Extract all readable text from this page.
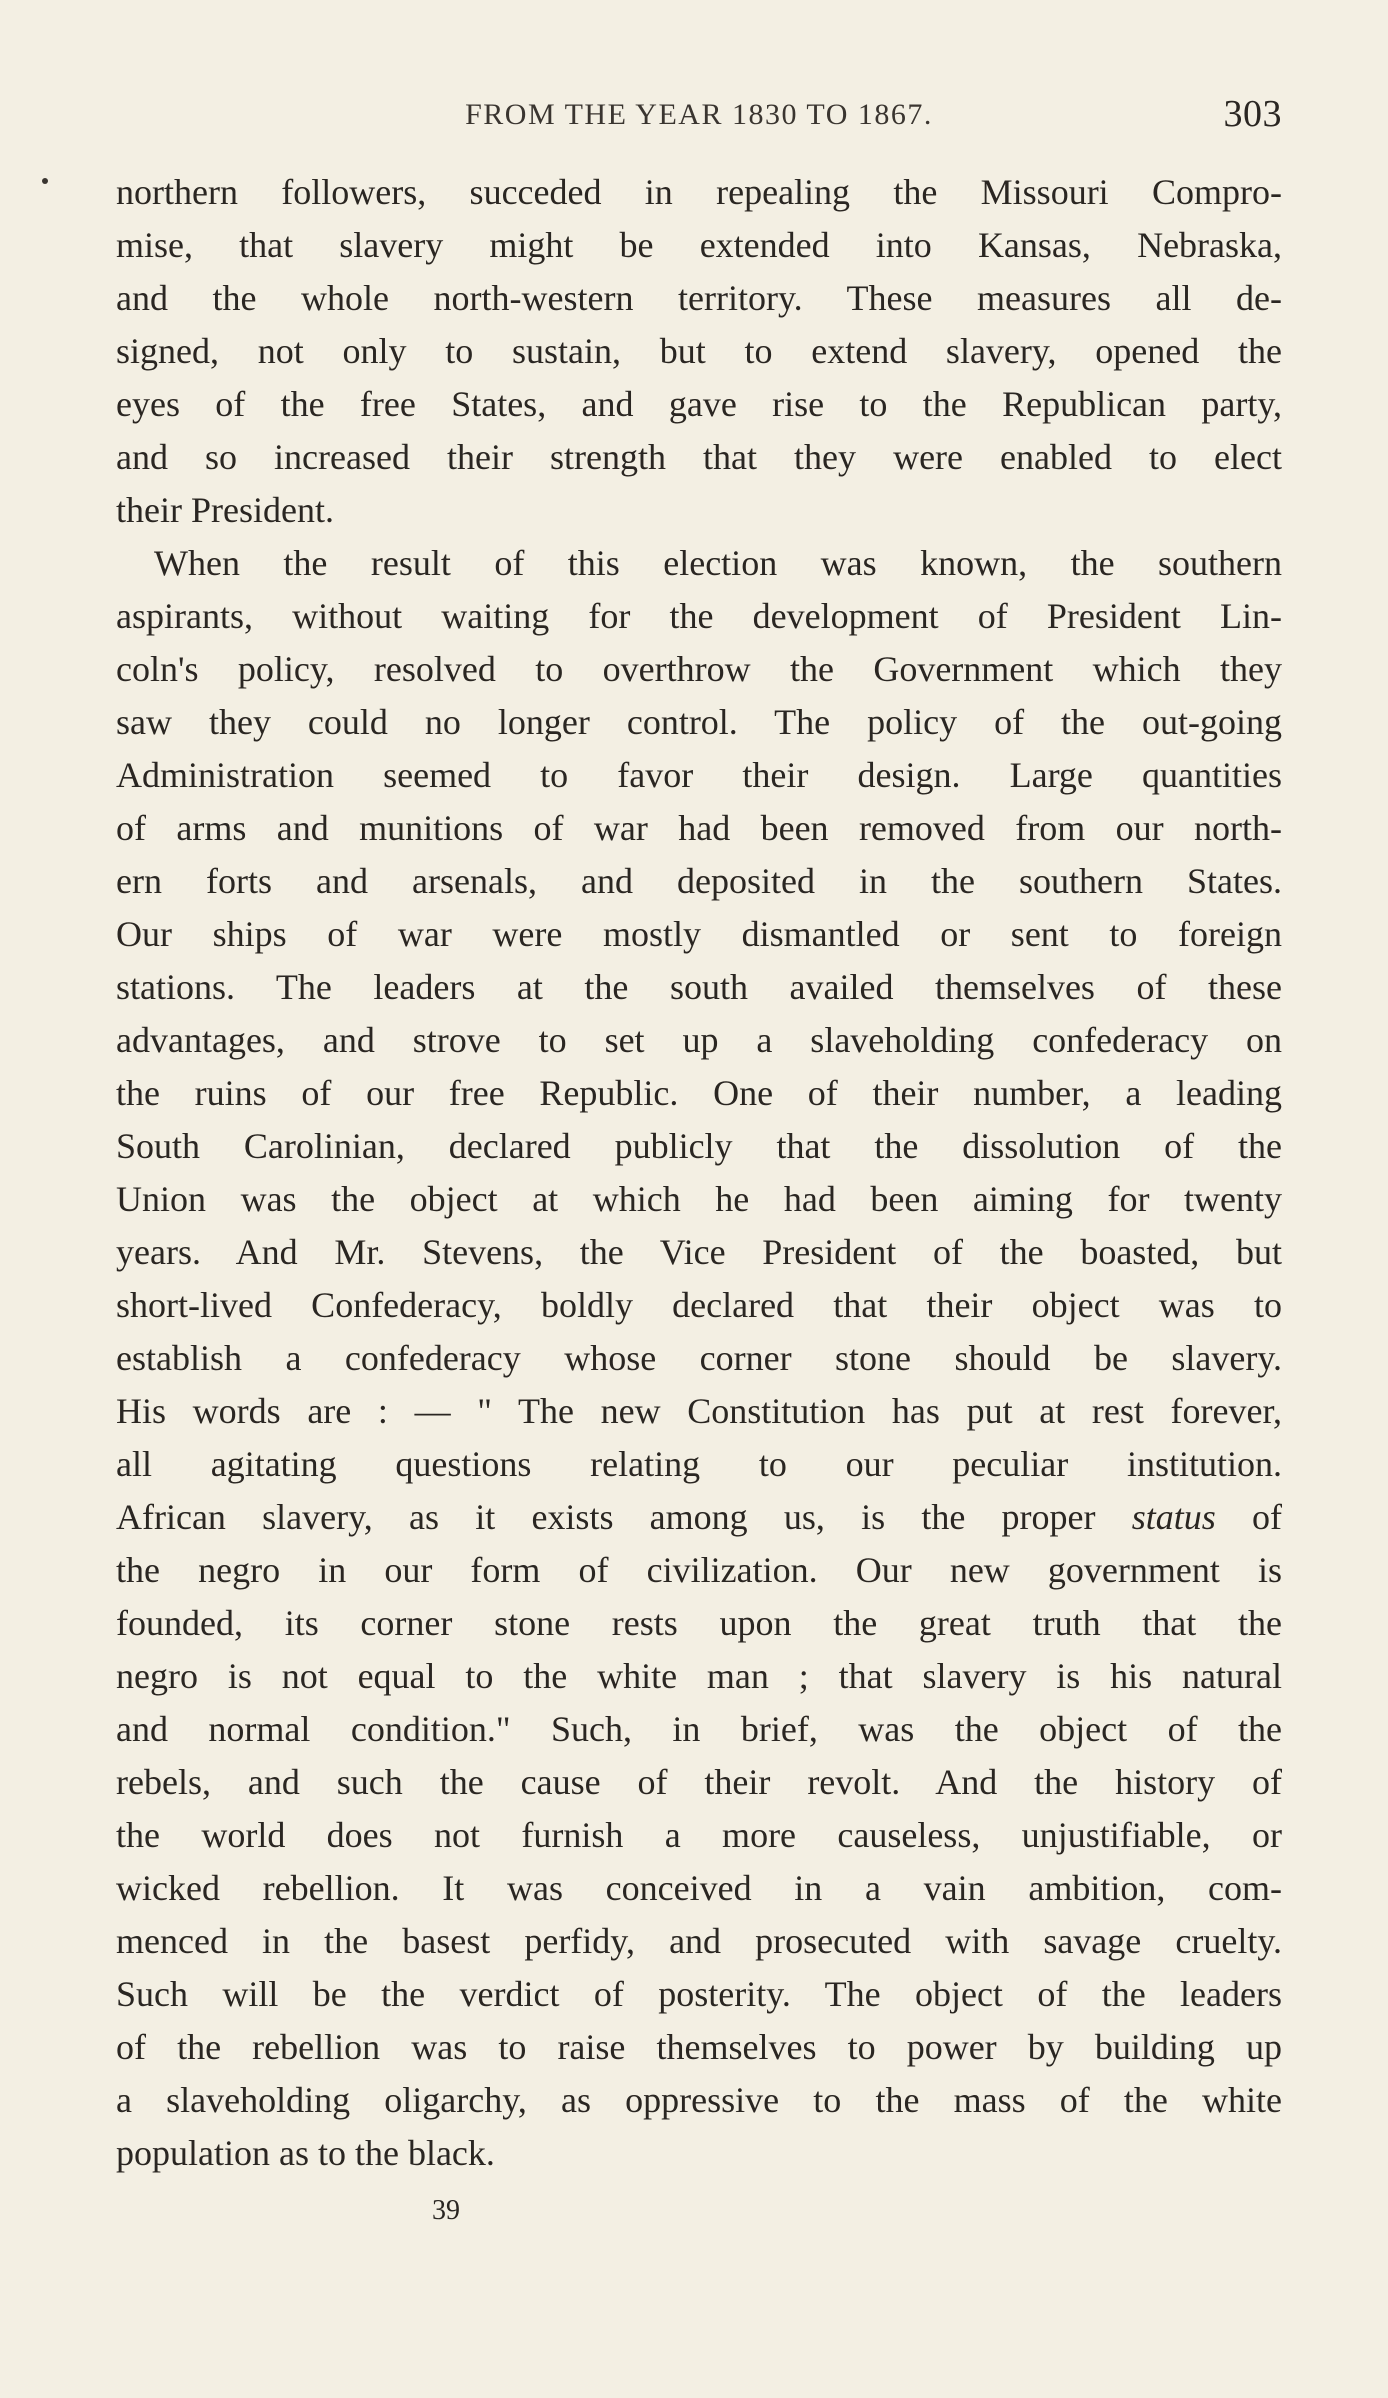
FROM THE YEAR 1830 TO 1867.	303
northern followers, succeded in repealing the Missouri Compro-
mise, that slavery might be extended into Kansas, Nebraska,
and the whole north-western territory. These measures all de-
signed, not only to sustain, but to extend slavery, opened the
eyes of the free States, and gave rise to the Republican party,
and so increased their strength that they were enabled to elect
their President.
When the result of this election was known, the southern
aspirants, without waiting for the development of President Lin-
coln's policy, resolved to overthrow the Government which they
saw they could no longer control. The policy of the out-going
Administration seemed to favor their design. Large quantities
of arms and munitions of war had been removed from our north-
ern forts and arsenals, and deposited in the southern States.
Our ships of war were mostly dismantled or sent to foreign
stations. The leaders at the south availed themselves of these
advantages, and strove to set up a slaveholding confederacy on
the ruins of our free Republic. One of their number, a leading
South Carolinian, declared publicly that the dissolution of the
Union was the object at which he had been aiming for twenty
years. And Mr. Stevens, the Vice President of the boasted, but
short-lived Confederacy, boldly declared that their object was to
establish a confederacy whose corner stone should be slavery.
His words are : — " The new Constitution has put at rest forever,
all agitating questions relating to our peculiar institution.
African slavery, as it exists among us, is the proper status of
the negro in our form of civilization. Our new government is
founded, its corner stone rests upon the great truth that the
negro is not equal to the white man ; that slavery is his natural
and normal condition." Such, in brief, was the object of the
rebels, and such the cause of their revolt. And the history of
the world does not furnish a more causeless, unjustifiable, or
wicked rebellion. It was conceived in a vain ambition, com-
menced in the basest perfidy, and prosecuted with savage cruelty.
Such will be the verdict of posterity. The object of the leaders
of the rebellion was to raise themselves to power by building up
a slaveholding oligarchy, as oppressive to the mass of the white
population as to the black.
39
